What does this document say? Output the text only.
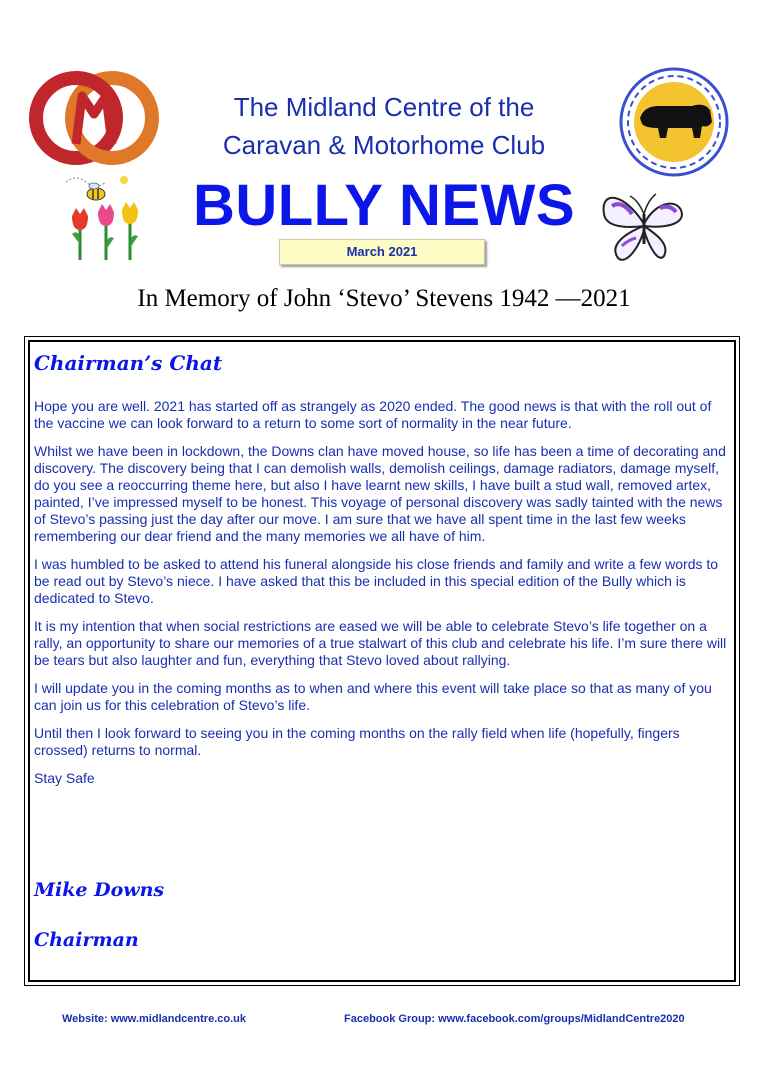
The Midland Centre of the
Caravan & Motorhome Club
BULLY NEWS
March 2021
In Memory of John ‘Stevo’ Stevens 1942 —2021
Chairman’s Chat

Hope you are well. 2021 has started off as strangely as 2020 ended. The good news is that with the roll out of the vaccine we can look forward to a return to some sort of normality in the near future.

Whilst we have been in lockdown, the Downs clan have moved house, so life has been a time of decorating and discovery. The discovery being that I can demolish walls, demolish ceilings, damage radiators, damage myself, do you see a reoccurring theme here, but also I have learnt new skills, I have built a stud wall, removed artex, painted, I’ve impressed myself to be honest. This voyage of personal discovery was sadly tainted with the news of Stevo’s passing just the day after our move. I am sure that we have all spent time in the last few weeks remembering our dear friend and the many memories we all have of him.

I was humbled to be asked to attend his funeral alongside his close friends and family and write a few words to be read out by Stevo’s niece. I have asked that this be included in this special edition of the Bully which is dedicated to Stevo.

It is my intention that when social restrictions are eased we will be able to celebrate Stevo’s life together on a rally, an opportunity to share our memories of a true stalwart of this club and celebrate his life. I’m sure there will be tears but also laughter and fun, everything that Stevo loved about rallying.

I will update you in the coming months as to when and where this event will take place so that as many of you can join us for this celebration of Stevo’s life.

Until then I look forward to seeing you in the coming months on the rally field when life (hopefully, fingers crossed) returns to normal.

Stay Safe

Mike Downs
Chairman
Website: www.midlandcentre.co.uk	Facebook Group: www.facebook.com/groups/MidlandCentre2020
